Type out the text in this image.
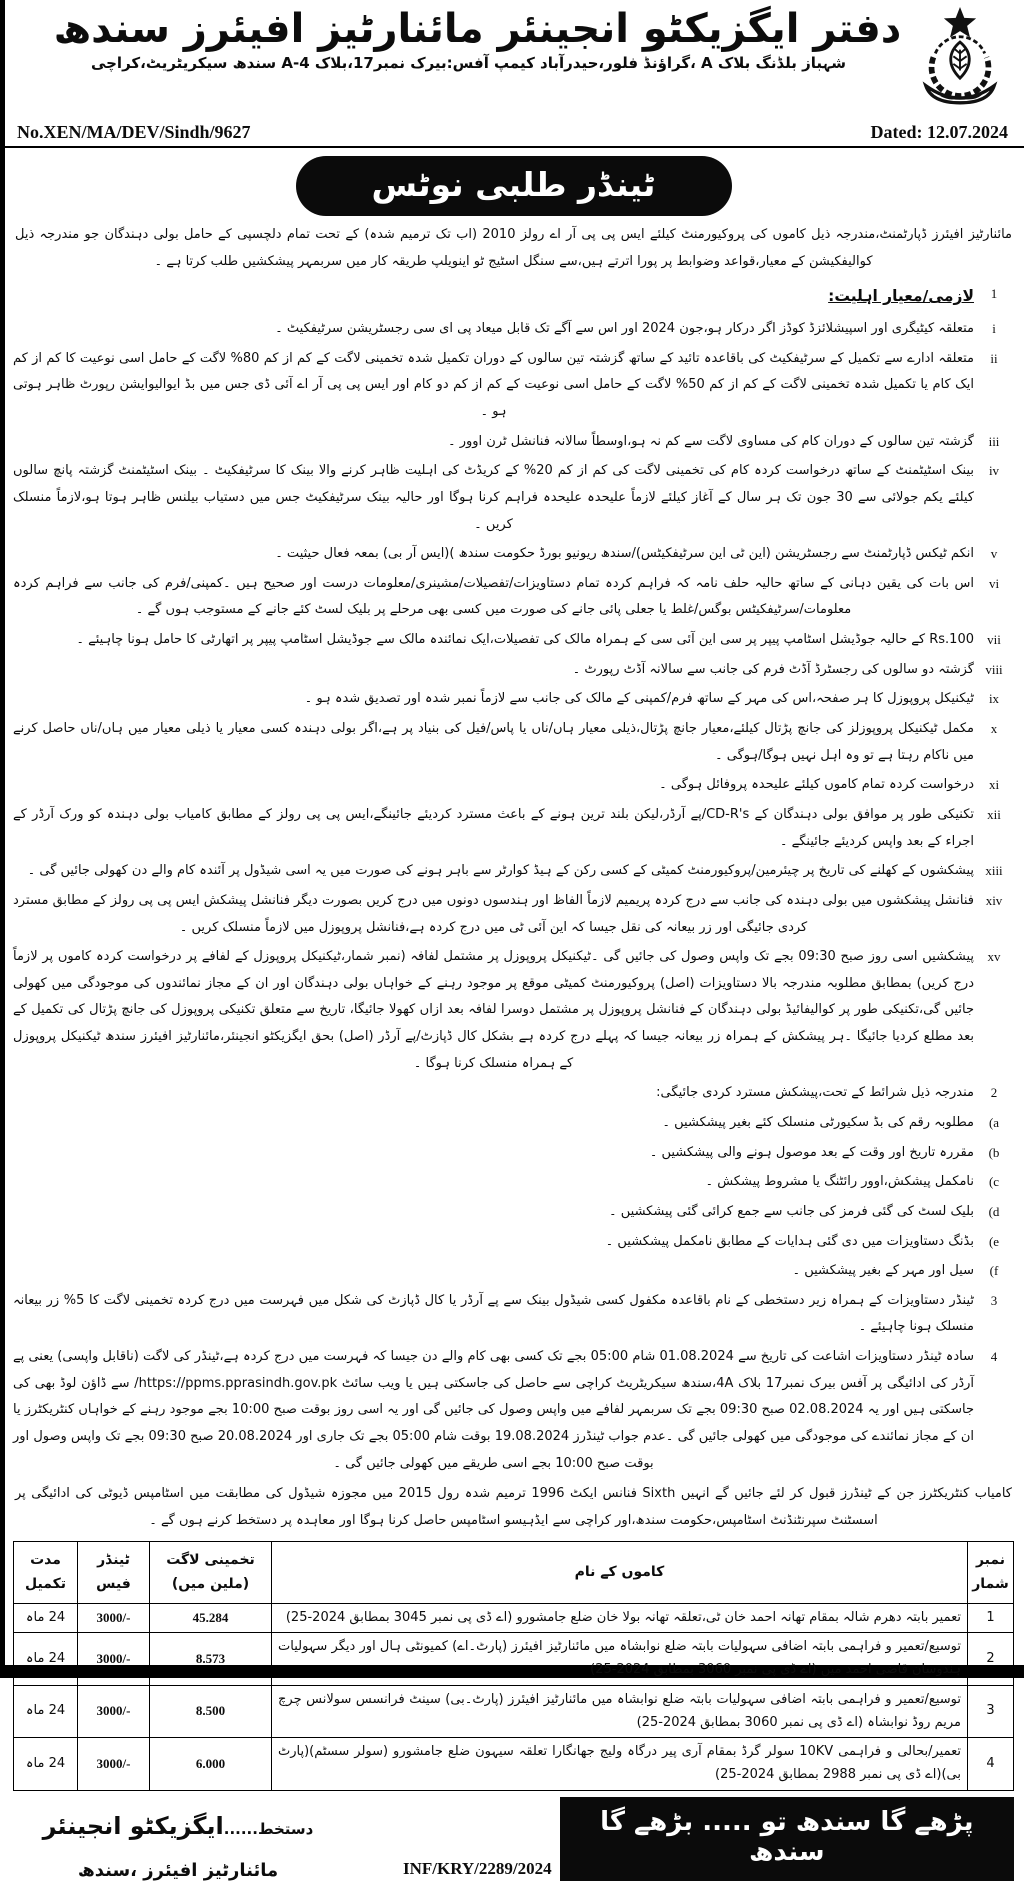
دفتر ایگزیکٹو انجینئر مائنارٹیز افیئرز سندھ
شہباز بلڈنگ بلاک A ،گراؤنڈ فلور،حیدرآباد کیمپ آفس:بیرک نمبر17،بلاک A-4 سندھ سیکریٹریٹ،کراچی
No.XEN/MA/DEV/Sindh/9627	Dated: 12.07.2024
ٹینڈر طلبی نوٹس

مائنارٹیز افیئرز ڈپارٹمنٹ،مندرجہ ذیل کاموں کی پروکیورمنٹ کیلئے ایس پی پی آر اے رولز 2010 (اب تک ترمیم شدہ) کے تحت تمام دلچسپی کے حامل بولی دہندگان جو مندرجہ ذیل کوالیفکیشن کے معیار،قواعد وضوابط پر پورا اترتے ہیں،سے سنگل اسٹیج ٹو اینویلپ طریقہ کار میں سربمہر پیشکشیں طلب کرتا ہے ۔

1
لازمی/معیار اہلیت:
i
متعلقہ کیٹیگری اور اسپیشلائزڈ کوڈز اگر درکار ہو،جون 2024 اور اس سے آگے تک قابل میعاد پی ای سی رجسٹریشن سرٹیفکیٹ ۔
ii
متعلقہ ادارے سے تکمیل کے سرٹیفکیٹ کی باقاعدہ تائید کے ساتھ گزشتہ تین سالوں کے دوران تکمیل شدہ تخمینی لاگت کے کم از کم 80% لاگت کے حامل اسی نوعیت کا کم از کم ایک کام یا تکمیل شدہ تخمینی لاگت کے کم از کم 50% لاگت کے حامل اسی نوعیت کے کم از کم دو کام اور ایس پی پی آر اے آئی ڈی جس میں بڈ ایوالیوایشن رپورٹ ظاہر ہوتی ہو ۔
iii
گزشتہ تین سالوں کے دوران کام کی مساوی لاگت سے کم نہ ہو،اوسطاً سالانہ فنانشل ٹرن اوور ۔
iv
بینک اسٹیٹمنٹ کے ساتھ درخواست کردہ کام کی تخمینی لاگت کی کم از کم 20% کے کریڈٹ کی اہلیت ظاہر کرنے والا بینک کا سرٹیفکیٹ ۔ بینک اسٹیٹمنٹ گزشتہ پانچ سالوں کیلئے یکم جولائی سے 30 جون تک ہر سال کے آغاز کیلئے لازماً علیحدہ علیحدہ فراہم کرنا ہوگا اور حالیہ بینک سرٹیفکیٹ جس میں دستیاب بیلنس ظاہر ہوتا ہو،لازماً منسلک کریں ۔
v
انکم ٹیکس ڈپارٹمنٹ سے رجسٹریشن (این ٹی این سرٹیفکیٹس)/سندھ ریونیو بورڈ حکومت سندھ )(ایس آر بی) بمعہ فعال حیثیت ۔
vi
اس بات کی یقین دہانی کے ساتھ حالیہ حلف نامہ کہ فراہم کردہ تمام دستاویزات/تفصیلات/مشینری/معلومات درست اور صحیح ہیں ۔کمپنی/فرم کی جانب سے فراہم کردہ معلومات/سرٹیفکیٹس بوگس/غلط یا جعلی پائی جانے کی صورت میں کسی بھی مرحلے پر بلیک لسٹ کئے جانے کے مستوجب ہوں گے ۔
vii
Rs.100 کے حالیہ جوڈیشل اسٹامپ پیپر پر سی این آئی سی کے ہمراہ مالک کی تفصیلات،ایک نمائندہ مالک سے جوڈیشل اسٹامپ پیپر پر اتھارٹی کا حامل ہونا چاہیئے ۔
viii
گزشتہ دو سالوں کی رجسٹرڈ آڈٹ فرم کی جانب سے سالانہ آڈٹ رپورٹ ۔
ix
ٹیکنیکل پروپوزل کا ہر صفحہ،اس کی مہر کے ساتھ فرم/کمپنی کے مالک کی جانب سے لازماً نمبر شدہ اور تصدیق شدہ ہو ۔
x
مکمل ٹیکنیکل پروپوزلز کی جانچ پڑتال کیلئے،معیار جانچ پڑتال،ذیلی معیار ہاں/ناں یا پاس/فیل کی بنیاد پر ہے،اگر بولی دہندہ کسی معیار یا ذیلی معیار میں ہاں/ناں حاصل کرنے میں ناکام رہتا ہے تو وہ اہل نہیں ہوگا/ہوگی ۔
xi
درخواست کردہ تمام کاموں کیلئے علیحدہ پروفائل ہوگی ۔
xii
تکنیکی طور پر موافق بولی دہندگان کے CD-R's/پے آرڈر،لیکن بلند ترین ہونے کے باعث مسترد کردیئے جائینگے،ایس پی پی رولز کے مطابق کامیاب بولی دہندہ کو ورک آرڈر کے اجراء کے بعد واپس کردیئے جائینگے ۔
xiii
پیشکشوں کے کھلنے کی تاریخ پر چیئرمین/پروکیورمنٹ کمیٹی کے کسی رکن کے ہیڈ کوارٹر سے باہر ہونے کی صورت میں یہ اسی شیڈول پر آئندہ کام والے دن کھولی جائیں گی ۔
xiv
فنانشل پیشکشوں میں بولی دہندہ کی جانب سے درج کردہ پریمیم لازماً الفاظ اور ہندسوں دونوں میں درج کریں بصورت دیگر فنانشل پیشکش ایس پی پی رولز کے مطابق مسترد کردی جائیگی اور زر بیعانہ کی نقل جیسا کہ این آئی ٹی میں درج کردہ ہے،فنانشل پروپوزل میں لازماً منسلک کریں ۔
xv
پیشکشیں اسی روز صبح 09:30 بجے تک واپس وصول کی جائیں گی ۔ٹیکنیکل پروپوزل پر مشتمل لفافہ (نمبر شمار،ٹیکنیکل پروپوزل کے لفافے پر درخواست کردہ کاموں پر لازماً درج کریں) بمطابق مطلوبہ مندرجہ بالا دستاویزات (اصل) پروکیورمنٹ کمیٹی موقع پر موجود رہنے کے خواہاں بولی دہندگان اور ان کے مجاز نمائندوں کی موجودگی میں کھولی جائیں گی،تکنیکی طور پر کوالیفائیڈ بولی دہندگان کے فنانشل پروپوزل پر مشتمل دوسرا لفافہ بعد ازاں کھولا جائیگا، تاریخ سے متعلق تکنیکی پروپوزل کی جانچ پڑتال کی تکمیل کے بعد مطلع کردیا جائیگا ۔ہر پیشکش کے ہمراہ زر بیعانہ جیسا کہ پہلے درج کردہ ہے بشکل کال ڈپازٹ/پے آرڈر (اصل) بحق ایگزیکٹو انجینئر،مائنارٹیز افیئرز سندھ ٹیکنیکل پروپوزل کے ہمراہ منسلک کرنا ہوگا ۔
2
مندرجہ ذیل شرائط کے تحت،پیشکش مسترد کردی جائیگی:
(a
مطلوبہ رقم کی بڈ سکیورٹی منسلک کئے بغیر پیشکشیں ۔
(b
مقررہ تاریخ اور وقت کے بعد موصول ہونے والی پیشکشیں ۔
(c
نامکمل پیشکش،اوور رائٹنگ یا مشروط پیشکش ۔
(d
بلیک لسٹ کی گئی فرمز کی جانب سے جمع کرائی گئی پیشکشیں ۔
(e
بڈنگ دستاویزات میں دی گئی ہدایات کے مطابق نامکمل پیشکشیں ۔
(f
سیل اور مہر کے بغیر پیشکشیں ۔
3
ٹینڈر دستاویزات کے ہمراہ زیر دستخطی کے نام باقاعدہ مکفول کسی شیڈول بینک سے پے آرڈر یا کال ڈپازٹ کی شکل میں فہرست میں درج کردہ تخمینی لاگت کا 5% زر بیعانہ منسلک ہونا چاہیئے ۔
4
سادہ ٹینڈر دستاویزات اشاعت کی تاریخ سے 01.08.2024 شام 05:00 بجے تک کسی بھی کام والے دن جیسا کہ فہرست میں درج کردہ ہے،ٹینڈر کی لاگت (ناقابل واپسی) یعنی پے آرڈر کی ادائیگی پر آفس بیرک نمبر17 بلاک 4A،سندھ سیکریٹریٹ کراچی سے حاصل کی جاسکتی ہیں یا ویب سائٹ https://ppms.pprasindh.gov.pk/ سے ڈاؤن لوڈ بھی کی جاسکتی ہیں اور یہ 02.08.2024 صبح 09:30 بجے تک سربمہر لفافے میں واپس وصول کی جائیں گی اور یہ اسی روز بوقت صبح 10:00 بجے موجود رہنے کے خواہاں کنٹریکٹرز یا ان کے مجاز نمائندے کی موجودگی میں کھولی جائیں گی ۔عدم جواب ٹینڈرز 19.08.2024 بوقت شام 05:00 بجے تک جاری اور 20.08.2024 صبح 09:30 بجے تک واپس وصول اور بوقت صبح 10:00 بجے اسی طریقے میں کھولی جائیں گی ۔

کامیاب کنٹریکٹرز جن کے ٹینڈرز قبول کر لئے جائیں گے انہیں Sixth فنانس ایکٹ 1996 ترمیم شدہ رول 2015 میں مجوزہ شیڈول کی مطابقت میں اسٹامپس ڈیوٹی کی ادائیگی پر اسسٹنٹ سپرنٹنڈنٹ اسٹامپس،حکومت سندھ،اور کراچی سے ایڈہیسو اسٹامپس حاصل کرنا ہوگا اور معاہدہ پر دستخط کرنے ہوں گے ۔

نمبر شمار	کاموں کے نام	تخمینی لاگت (ملین میں)	ٹینڈر فیس	مدت تکمیل
1	تعمیر بابتہ دھرم شالہ بمقام تھانہ احمد خان ٹی،تعلقہ تھانہ بولا خان ضلع جامشورو (اے ڈی پی نمبر 3045 بمطابق 2024-25)	45.284	3000/-	24 ماہ
2	توسیع/تعمیر و فراہمی بابتہ اضافی سہولیات بابتہ ضلع نوابشاہ میں مائنارٹیز افیئرز (پارٹ۔اے) کمیونٹی ہال اور دیگر سہولیات ہندوسان قاضی احمد میں (اے ڈی پی نمبر 3060 بمطابق 2024-25)	8.573	3000/-	24 ماہ
3	توسیع/تعمیر و فراہمی بابتہ اضافی سہولیات بابتہ ضلع نوابشاہ میں مائنارٹیز افیئرز (پارٹ۔بی) سینٹ فرانسس سولانس چرچ مریم روڈ نوابشاہ (اے ڈی پی نمبر 3060 بمطابق 2024-25)	8.500	3000/-	24 ماہ
4	تعمیر/بحالی و فراہمی 10KV سولر گرڈ بمقام آری پیر درگاہ ولیج جھانگارا تعلقہ سیہون ضلع جامشورو (سولر سسٹم)(پارٹ بی)(اے ڈی پی نمبر 2988 بمطابق 2024-25)	6.000	3000/-	24 ماہ
دستخط......ایگزیکٹو انجینئر
مائنارٹیز افیئرز ،سندھ	INF/KRY/2289/2024
پڑھے گا سندھ تو ..... بڑھے گا سندھ
